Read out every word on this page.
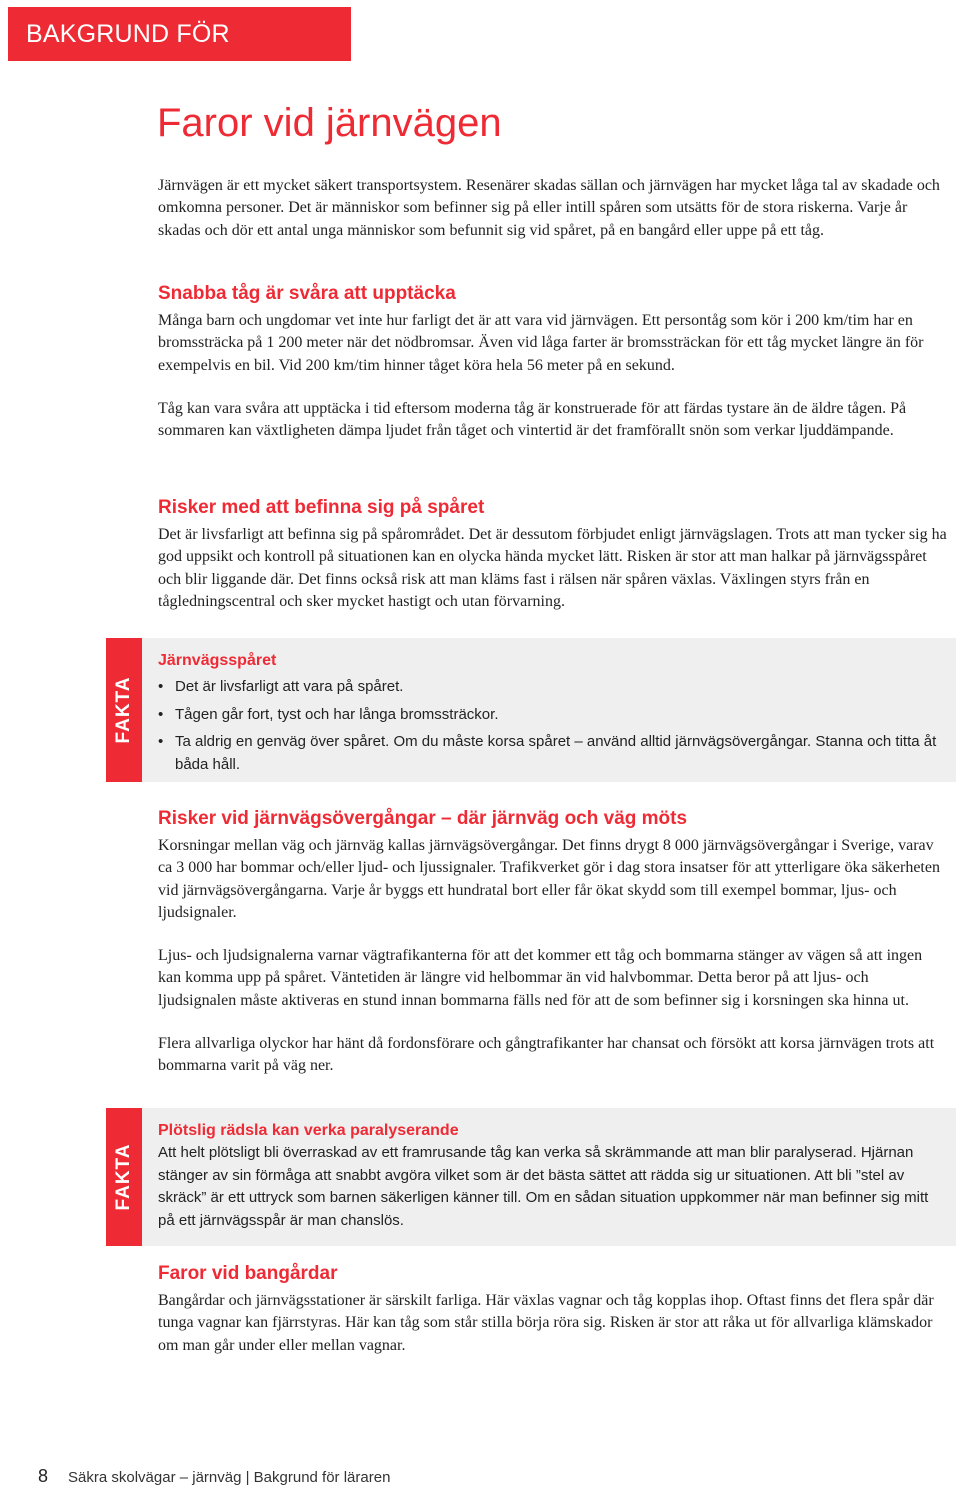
BAKGRUND FÖR LÄRAREN
Faror vid järnvägen

Järnvägen är ett mycket säkert transportsystem. Resenärer skadas sällan och järnvägen har mycket låga tal av skadade och omkomna personer. Det är människor som befinner sig på eller intill spåren som utsätts för de stora riskerna. Varje år skadas och dör ett antal unga människor som befunnit sig vid spåret, på en bangård eller uppe på ett tåg.

Snabba tåg är svåra att upptäcka

Många barn och ungdomar vet inte hur farligt det är att vara vid järnvägen. Ett persontåg som kör i 200 km/tim har en bromssträcka på 1 200 meter när det nödbromsar. Även vid låga farter är bromssträckan för ett tåg mycket längre än för exempelvis en bil. Vid 200 km/tim hinner tåget köra hela 56 meter på en sekund.

Tåg kan vara svåra att upptäcka i tid eftersom moderna tåg är konstruerade för att färdas tystare än de äldre tågen. På sommaren kan växtligheten dämpa ljudet från tåget och vintertid är det framförallt snön som verkar ljuddämpande.

Risker med att befinna sig på spåret

Det är livsfarligt att befinna sig på spårområdet. Det är dessutom förbjudet enligt järnvägslagen. Trots att man tycker sig ha god uppsikt och kontroll på situationen kan en olycka hända mycket lätt. Risken är stor att man halkar på järnvägsspåret och blir liggande där. Det finns också risk att man kläms fast i rälsen när spåren växlas. Växlingen styrs från en tågledningscentral och sker mycket hastigt och utan förvarning.

FAKTA
Järnvägsspåret
• Det är livsfarligt att vara på spåret.
• Tågen går fort, tyst och har långa bromssträckor.
• Ta aldrig en genväg över spåret. Om du måste korsa spåret – använd alltid järnvägsövergångar. Stanna och titta åt båda håll.
Risker vid järnvägsövergångar – där järnväg och väg möts

Korsningar mellan väg och järnväg kallas järnvägsövergångar. Det finns drygt 8 000 järnvägsövergångar i Sverige, varav ca 3 000 har bommar och/eller ljud- och ljussignaler. Trafikverket gör i dag stora insatser för att ytterligare öka säkerheten vid järnvägsövergångarna. Varje år byggs ett hundratal bort eller får ökat skydd som till exempel bommar, ljus- och ljudsignaler.

Ljus- och ljudsignalerna varnar vägtrafikanterna för att det kommer ett tåg och bommarna stänger av vägen så att ingen kan komma upp på spåret. Väntetiden är längre vid helbommar än vid halvbommar. Detta beror på att ljus- och ljudsignalen måste aktiveras en stund innan bommarna fälls ned för att de som befinner sig i korsningen ska hinna ut.

Flera allvarliga olyckor har hänt då fordonsförare och gångtrafikanter har chansat och försökt att korsa järnvägen trots att bommarna varit på väg ner.

FAKTA
Plötslig rädsla kan verka paralyserande

Att helt plötsligt bli överraskad av ett framrusande tåg kan verka så skrämmande att man blir paralyserad. Hjärnan stänger av sin förmåga att snabbt avgöra vilket som är det bästa sättet att rädda sig ur situationen. Att bli ”stel av skräck” är ett uttryck som barnen säkerligen känner till. Om en sådan situation uppkommer när man befinner sig mitt på ett järnvägsspår är man chanslös.

Faror vid bangårdar

Bangårdar och järnvägsstationer är särskilt farliga. Här växlas vagnar och tåg kopplas ihop. Oftast finns det flera spår där tunga vagnar kan fjärrstyras. Här kan tåg som står stilla börja röra sig. Risken är stor att råka ut för allvarliga klämskador om man går under eller mellan vagnar.

8 Säkra skolvägar – järnväg | Bakgrund för läraren
